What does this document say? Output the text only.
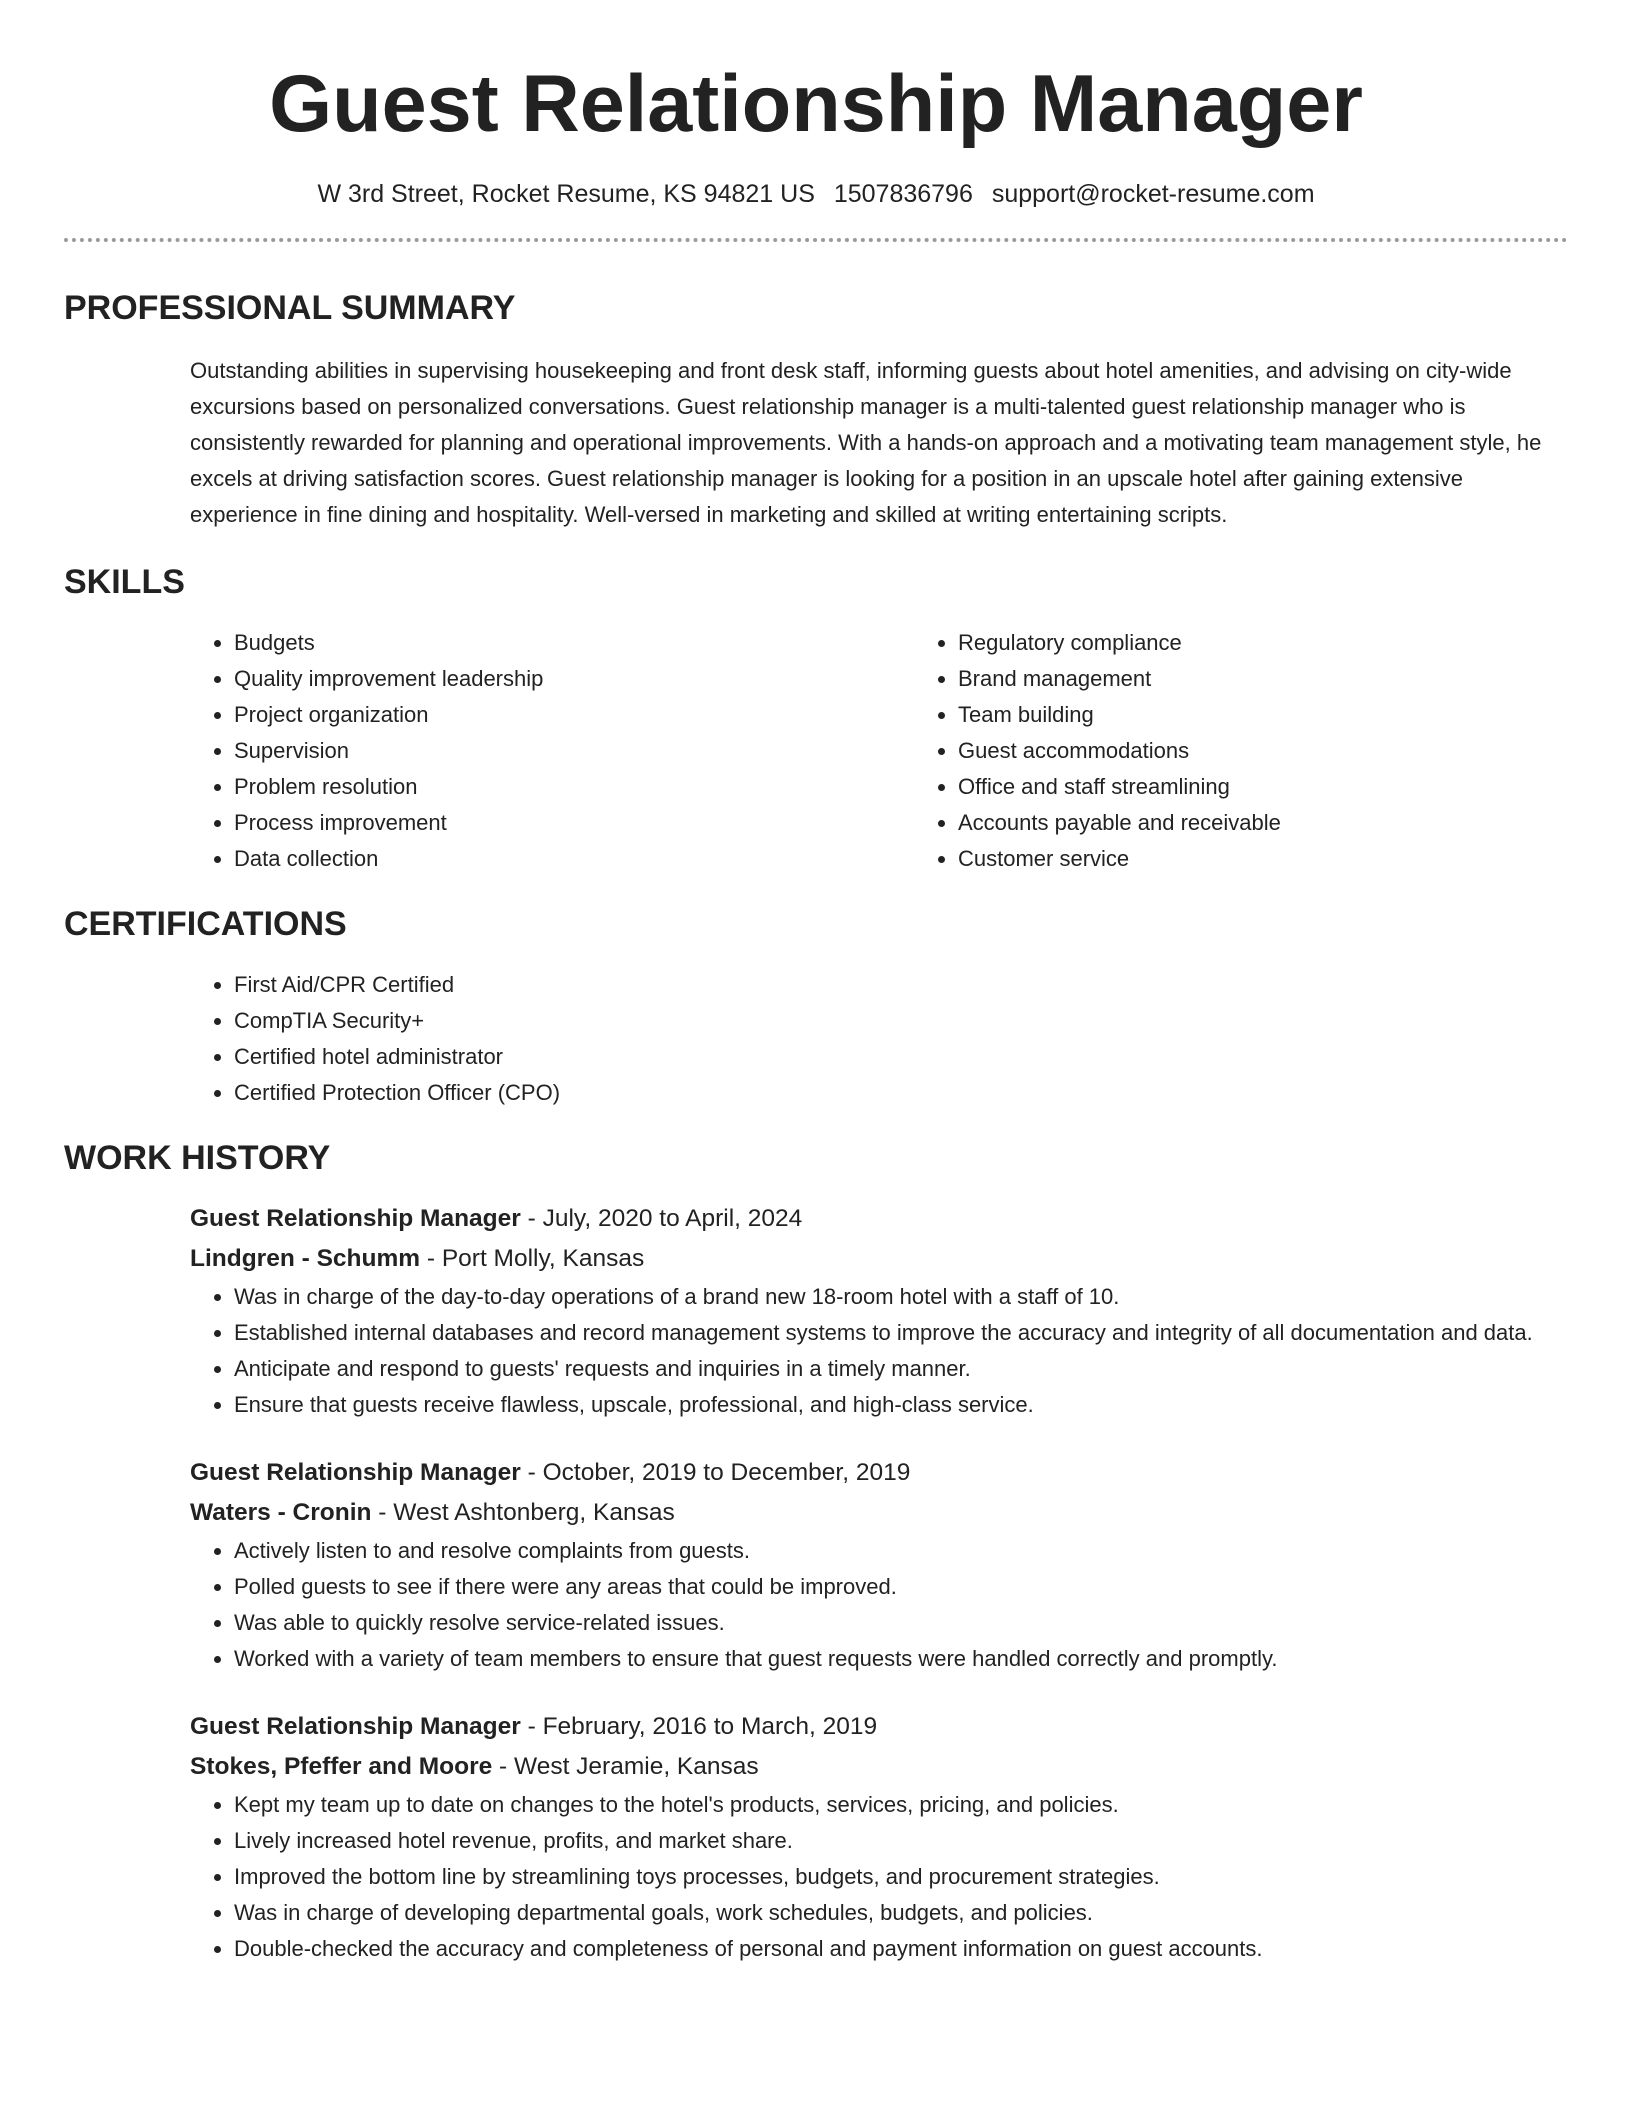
Guest Relationship Manager
W 3rd Street, Rocket Resume, KS 94821 US 1507836796 support@rocket-resume.com
PROFESSIONAL SUMMARY

Outstanding abilities in supervising housekeeping and front desk staff, informing guests about hotel amenities, and advising on city-wide excursions based on personalized conversations. Guest relationship manager is a multi-talented guest relationship manager who is consistently rewarded for planning and operational improvements. With a hands-on approach and a motivating team management style, he excels at driving satisfaction scores. Guest relationship manager is looking for a position in an upscale hotel after gaining extensive experience in fine dining and hospitality. Well-versed in marketing and skilled at writing entertaining scripts.

SKILLS
• Budgets
• Quality improvement leadership
• Project organization
• Supervision
• Problem resolution
• Process improvement
• Data collection
• Regulatory compliance
• Brand management
• Team building
• Guest accommodations
• Office and staff streamlining
• Accounts payable and receivable
• Customer service
CERTIFICATIONS
• First Aid/CPR Certified
• CompTIA Security+
• Certified hotel administrator
• Certified Protection Officer (CPO)
WORK HISTORY
Guest Relationship Manager - July, 2020 to April, 2024
Lindgren - Schumm - Port Molly, Kansas
• Was in charge of the day-to-day operations of a brand new 18-room hotel with a staff of 10.
• Established internal databases and record management systems to improve the accuracy and integrity of all documentation and data.
• Anticipate and respond to guests' requests and inquiries in a timely manner.
• Ensure that guests receive flawless, upscale, professional, and high-class service.
Guest Relationship Manager - October, 2019 to December, 2019
Waters - Cronin - West Ashtonberg, Kansas
• Actively listen to and resolve complaints from guests.
• Polled guests to see if there were any areas that could be improved.
• Was able to quickly resolve service-related issues.
• Worked with a variety of team members to ensure that guest requests were handled correctly and promptly.
Guest Relationship Manager - February, 2016 to March, 2019
Stokes, Pfeffer and Moore - West Jeramie, Kansas
• Kept my team up to date on changes to the hotel's products, services, pricing, and policies.
• Lively increased hotel revenue, profits, and market share.
• Improved the bottom line by streamlining toys processes, budgets, and procurement strategies.
• Was in charge of developing departmental goals, work schedules, budgets, and policies.
• Double-checked the accuracy and completeness of personal and payment information on guest accounts.
